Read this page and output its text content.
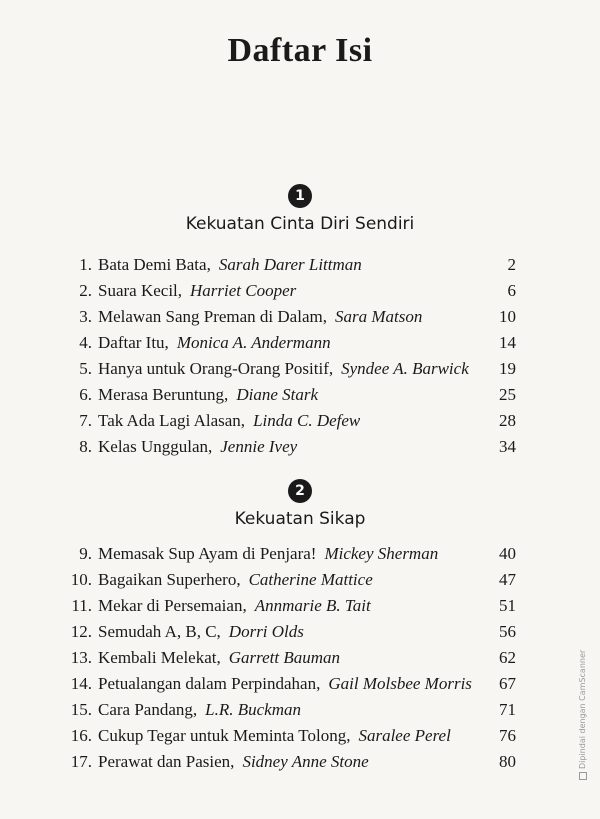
Daftar Isi
1
Kekuatan Cinta Diri Sendiri
1. Bata Demi Bata, Sarah Darer Littman	2
2. Suara Kecil, Harriet Cooper	6
3. Melawan Sang Preman di Dalam, Sara Matson	10
4. Daftar Itu, Monica A. Andermann	14
5. Hanya untuk Orang-Orang Positif, Syndee A. Barwick 19
6. Merasa Beruntung, Diane Stark	25
7. Tak Ada Lagi Alasan, Linda C. Defew	28
8. Kelas Unggulan, Jennie Ivey	34
2
Kekuatan Sikap
9. Memasak Sup Ayam di Penjara! Mickey Sherman	40
10. Bagaikan Superhero, Catherine Mattice	47
11. Mekar di Persemaian, Annmarie B. Tait	51
12. Semudah A, B, C, Dorri Olds	56
13. Kembali Melekat, Garrett Bauman	62
14. Petualangan dalam Perpindahan, Gail Molsbee Morris 67
15. Cara Pandang, L.R. Buckman	71
16. Cukup Tegar untuk Meminta Tolong, Saralee Perel	76
17. Perawat dan Pasien, Sidney Anne Stone	80	Dipindai dengan CamScanner
